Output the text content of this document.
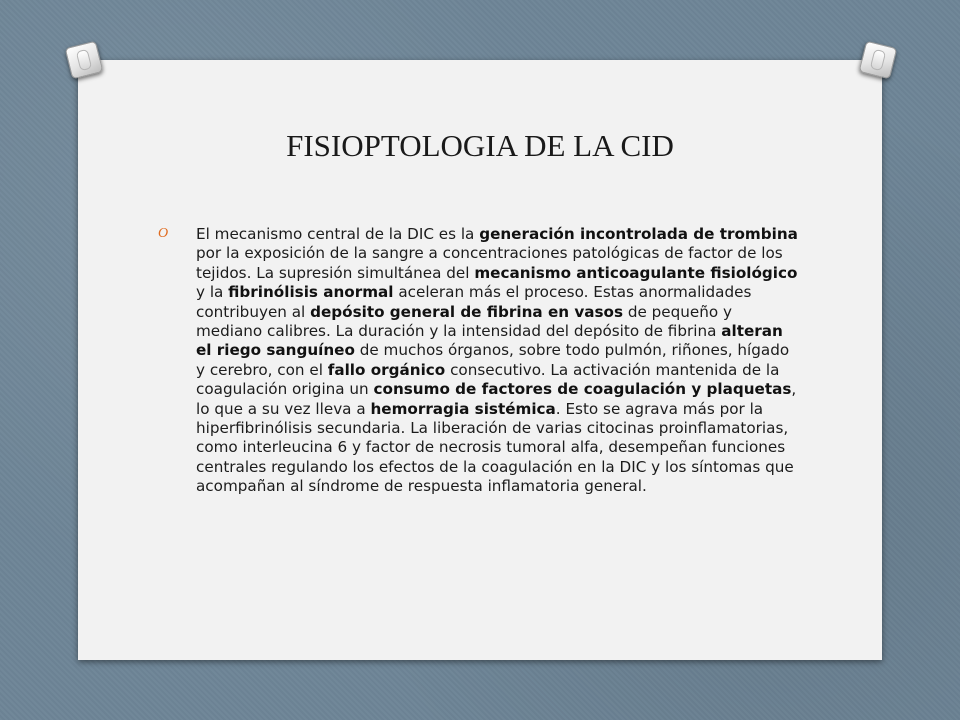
FISIOPTOLOGIA DE LA CID
O El mecanismo central de la DIC es la generación incontrolada de trombina por la exposición de la sangre a concentraciones patológicas de factor de los tejidos. La supresión simultánea del mecanismo anticoagulante fisiológico y la fibrinólisis anormal aceleran más el proceso. Estas anormalidades contribuyen al depósito general de fibrina en vasos de pequeño y mediano calibres. La duración y la intensidad del depósito de fibrina alteran el riego sanguíneo de muchos órganos, sobre todo pulmón, riñones, hígado y cerebro, con el fallo orgánico consecutivo. La activación mantenida de la coagulación origina un consumo de factores de coagulación y plaquetas, lo que a su vez lleva a hemorragia sistémica. Esto se agrava más por la hiperfibrinólisis secundaria. La liberación de varias citocinas proinflamatorias, como interleucina 6 y factor de necrosis tumoral alfa, desempeñan funciones centrales regulando los efectos de la coagulación en la DIC y los síntomas que acompañan al síndrome de respuesta inflamatoria general.
